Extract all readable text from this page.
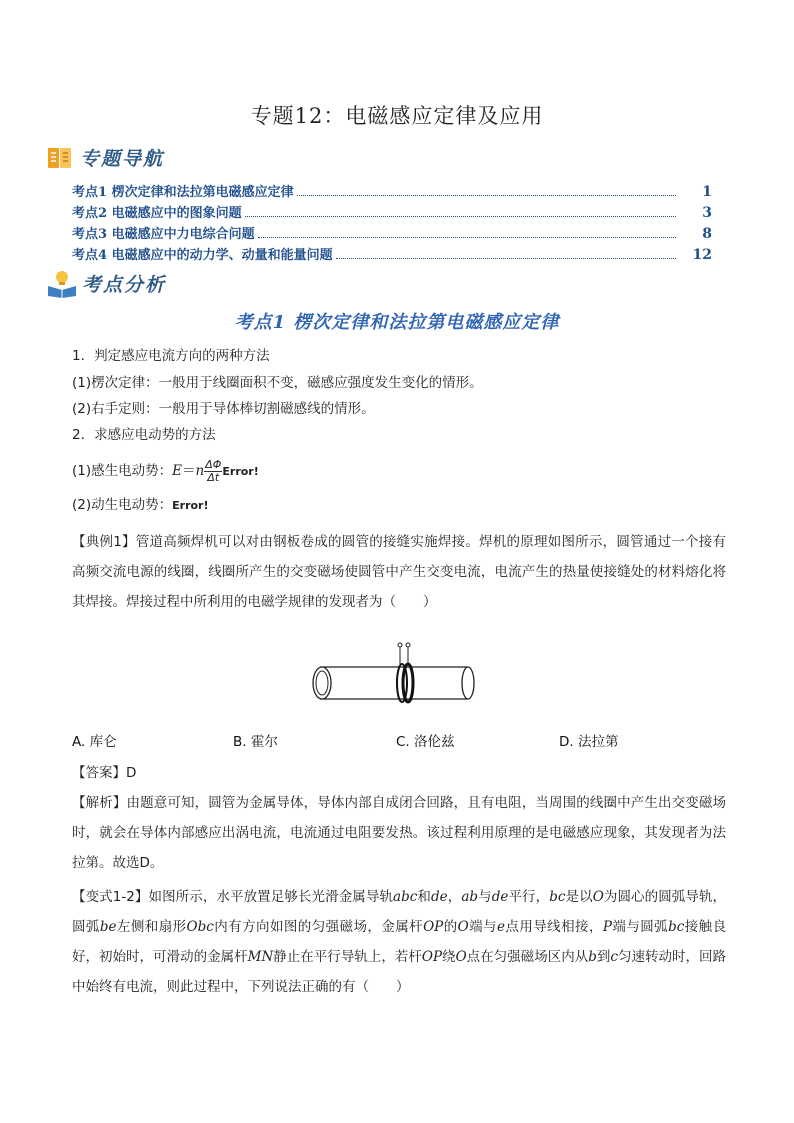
专题12：电磁感应定律及应用
专题导航
考点1 楞次定律和法拉第电磁感应定律	1
考点2 电磁感应中的图象问题	3
考点3 电磁感应中力电综合问题	8
考点4 电磁感应中的动力学、动量和能量问题	12
考点分析
考点1 楞次定律和法拉第电磁感应定律
1．判定感应电流方向的两种方法
(1)楞次定律：一般用于线圈面积不变，磁感应强度发生变化的情形。
(2)右手定则：一般用于导体棒切割磁感线的情形。
2．求感应电动势的方法
(1)感生电动势：$E=n \frac{\Delta\Phi}{\Delta t}$ Error!
(2)动生电动势：Error!
【典例1】管道高频焊机可以对由钢板卷成的圆管的接缝实施焊接。焊机的原理如图所示，圆管通过一个接有高频交流电源的线圈，线圈所产生的交变磁场使圆管中产生交变电流，电流产生的热量使接缝处的材料熔化将其焊接。焊接过程中所利用的电磁学规律的发现者为（　　）
A. 库仑	B. 霍尔	C. 洛伦兹	D. 法拉第
【答案】D
【解析】由题意可知，圆管为金属导体，导体内部自成闭合回路，且有电阻，当周围的线圈中产生出交变磁场时，就会在导体内部感应出涡电流，电流通过电阻要发热。该过程利用原理的是电磁感应现象，其发现者为法拉第。故选D。
【变式1-2】如图所示，水平放置足够长光滑金属导轨abc和de，ab与de平行，bc是以O为圆心的圆弧导轨，圆弧be左侧和扇形Obc内有方向如图的匀强磁场，金属杆OP的O端与e点用导线相接，P端与圆弧bc接触良好，初始时，可滑动的金属杆MN静止在平行导轨上，若杆OP绕O点在匀强磁场区内从b到c匀速转动时，回路中始终有电流，则此过程中，下列说法正确的有（　　）
